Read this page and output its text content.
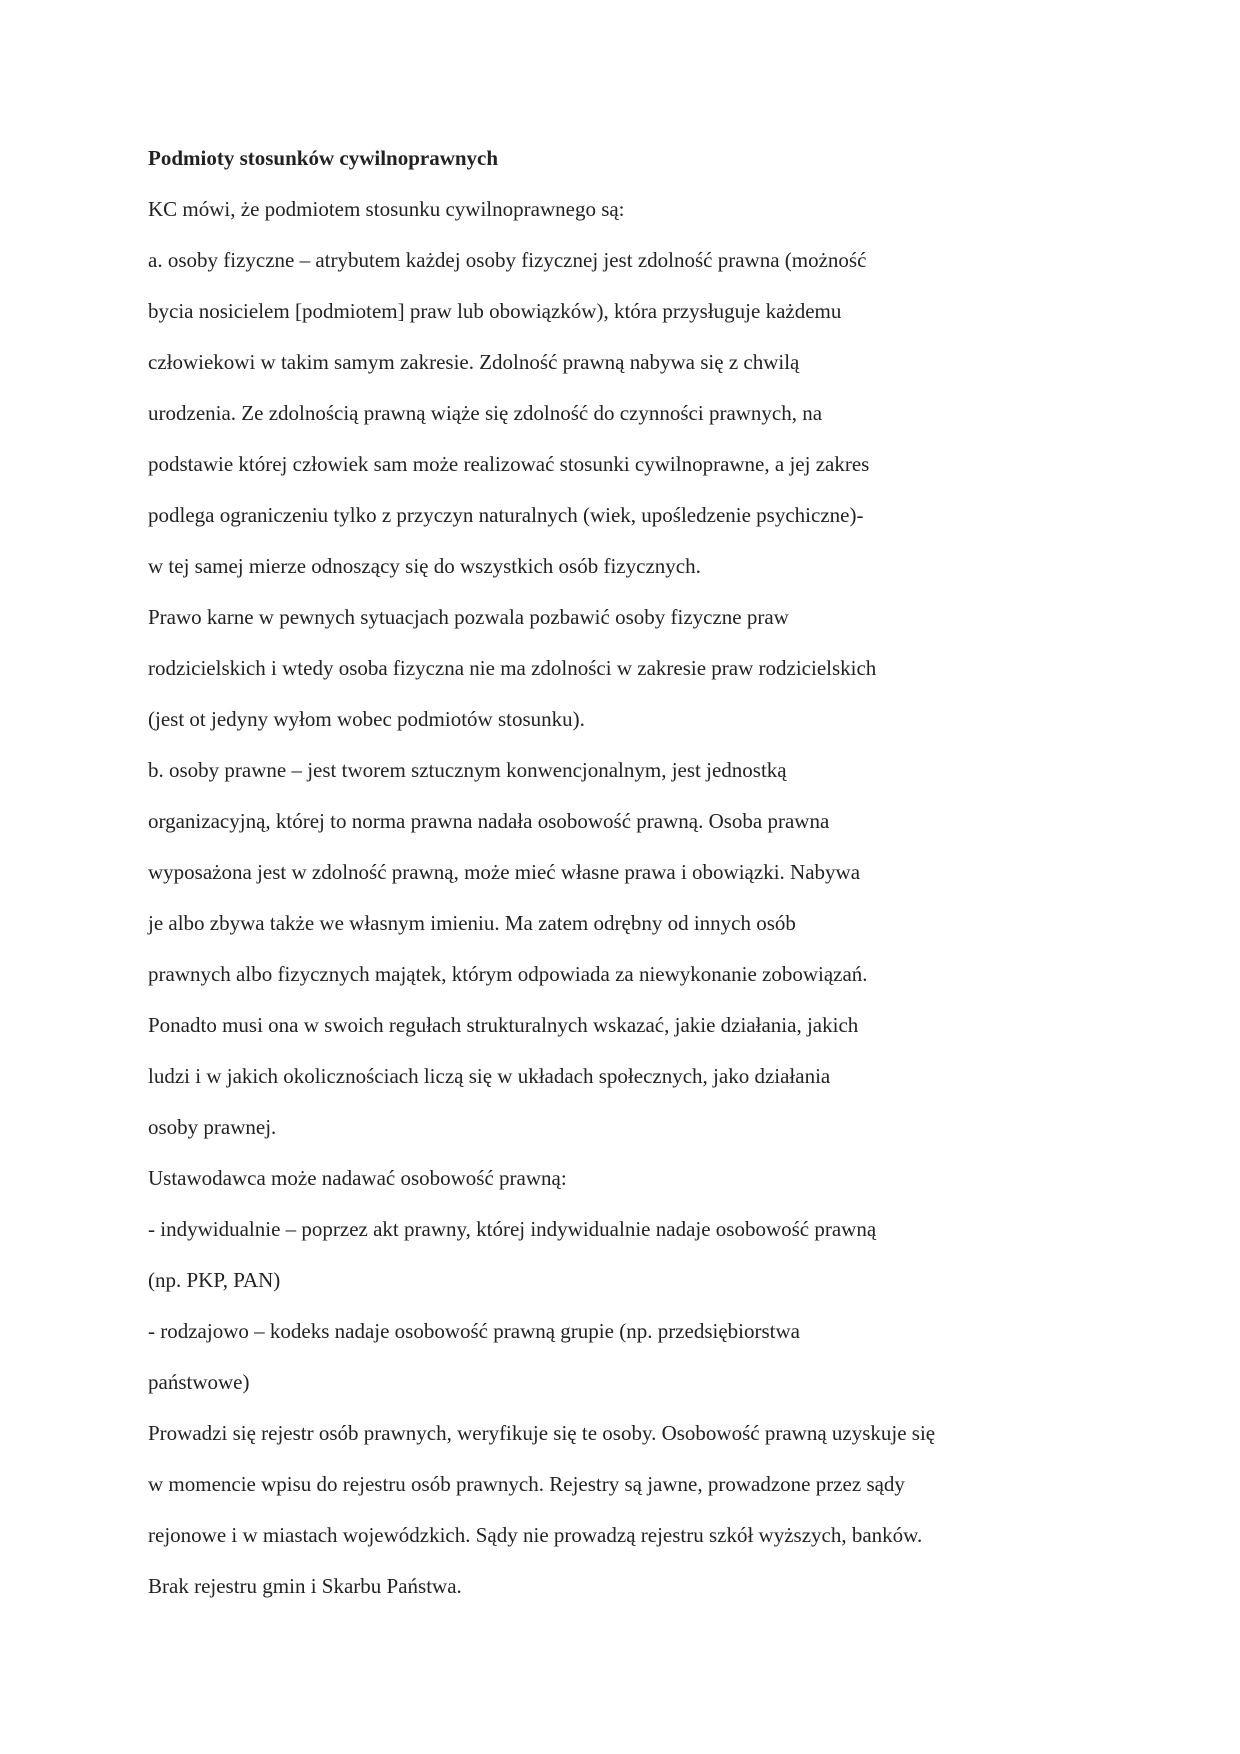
Podmioty stosunków cywilnoprawnych
KC mówi, że podmiotem stosunku cywilnoprawnego są:
a. osoby fizyczne – atrybutem każdej osoby fizycznej jest zdolność prawna (możność
bycia nosicielem [podmiotem] praw lub obowiązków), która przysługuje każdemu
człowiekowi w takim samym zakresie. Zdolność prawną nabywa się z chwilą
urodzenia. Ze zdolnością prawną wiąże się zdolność do czynności prawnych, na
podstawie której człowiek sam może realizować stosunki cywilnoprawne, a jej zakres
podlega ograniczeniu tylko z przyczyn naturalnych (wiek, upośledzenie psychiczne)-
w tej samej mierze odnoszący się do wszystkich osób fizycznych.
Prawo karne w pewnych sytuacjach pozwala pozbawić osoby fizyczne praw
rodzicielskich i wtedy osoba fizyczna nie ma zdolności w zakresie praw rodzicielskich
(jest ot jedyny wyłom wobec podmiotów stosunku).
b. osoby prawne – jest tworem sztucznym konwencjonalnym, jest jednostką
organizacyjną, której to norma prawna nadała osobowość prawną. Osoba prawna
wyposażona jest w zdolność prawną, może mieć własne prawa i obowiązki. Nabywa
je albo zbywa także we własnym imieniu. Ma zatem odrębny od innych osób
prawnych albo fizycznych majątek, którym odpowiada za niewykonanie zobowiązań.
Ponadto musi ona w swoich regułach strukturalnych wskazać, jakie działania, jakich
ludzi i w jakich okolicznościach liczą się w układach społecznych, jako działania
osoby prawnej.
Ustawodawca może nadawać osobowość prawną:
- indywidualnie – poprzez akt prawny, której indywidualnie nadaje osobowość prawną
(np. PKP, PAN)
- rodzajowo – kodeks nadaje osobowość prawną grupie (np. przedsiębiorstwa
państwowe)
Prowadzi się rejestr osób prawnych, weryfikuje się te osoby. Osobowość prawną uzyskuje się
w momencie wpisu do rejestru osób prawnych. Rejestry są jawne, prowadzone przez sądy
rejonowe i w miastach wojewódzkich. Sądy nie prowadzą rejestru szkół wyższych, banków.
Brak rejestru gmin i Skarbu Państwa.
